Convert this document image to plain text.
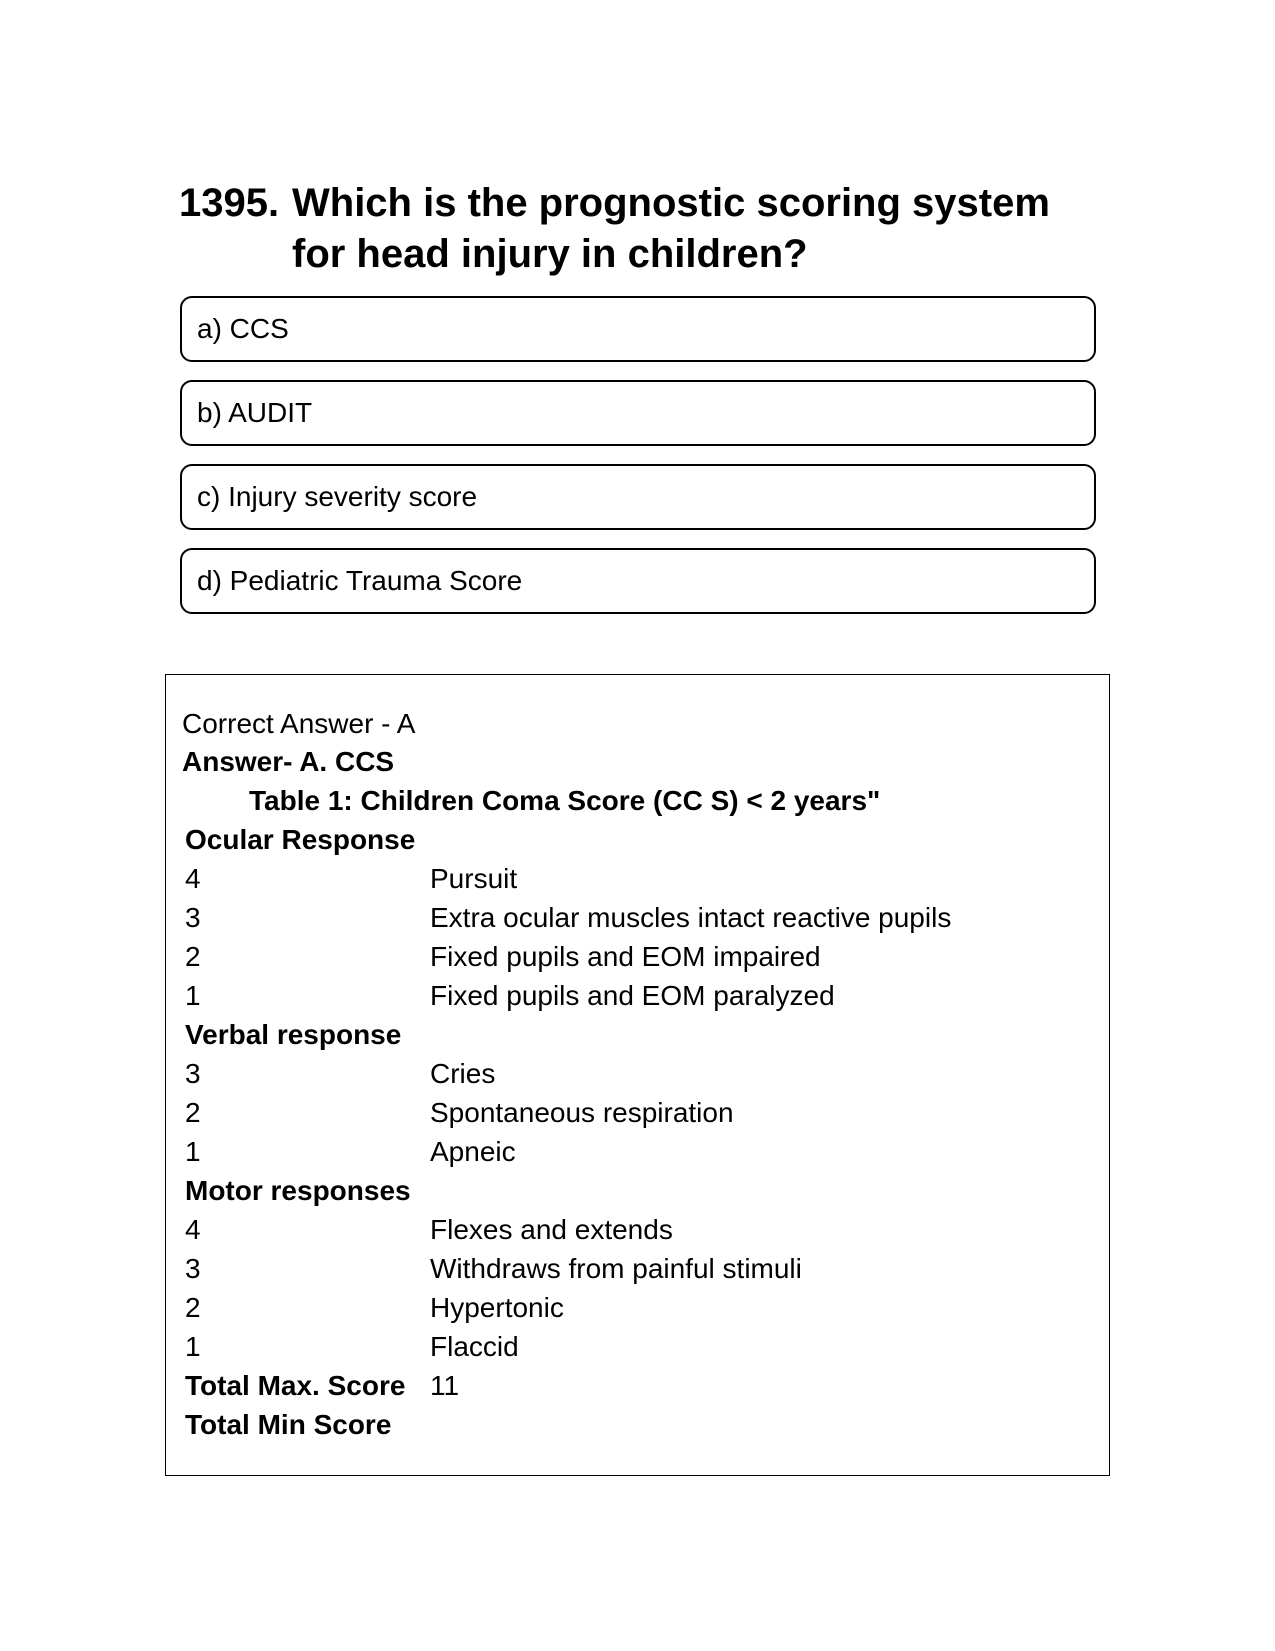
1395. Which is the prognostic scoring system for head injury in children?
a) CCS
b) AUDIT
c) Injury severity score
d) Pediatric Trauma Score
Correct Answer - A
Answer- A. CCS
Table 1: Children Coma Score (CC S) < 2 years"
Ocular Response
4	Pursuit
3	Extra ocular muscles intact reactive pupils
2	Fixed pupils and EOM impaired
1	Fixed pupils and EOM paralyzed
Verbal response
3	Cries
2	Spontaneous respiration
1	Apneic
Motor responses
4	Flexes and extends
3	Withdraws from painful stimuli
2	Hypertonic
1	Flaccid
Total Max. Score 11
Total Min Score
